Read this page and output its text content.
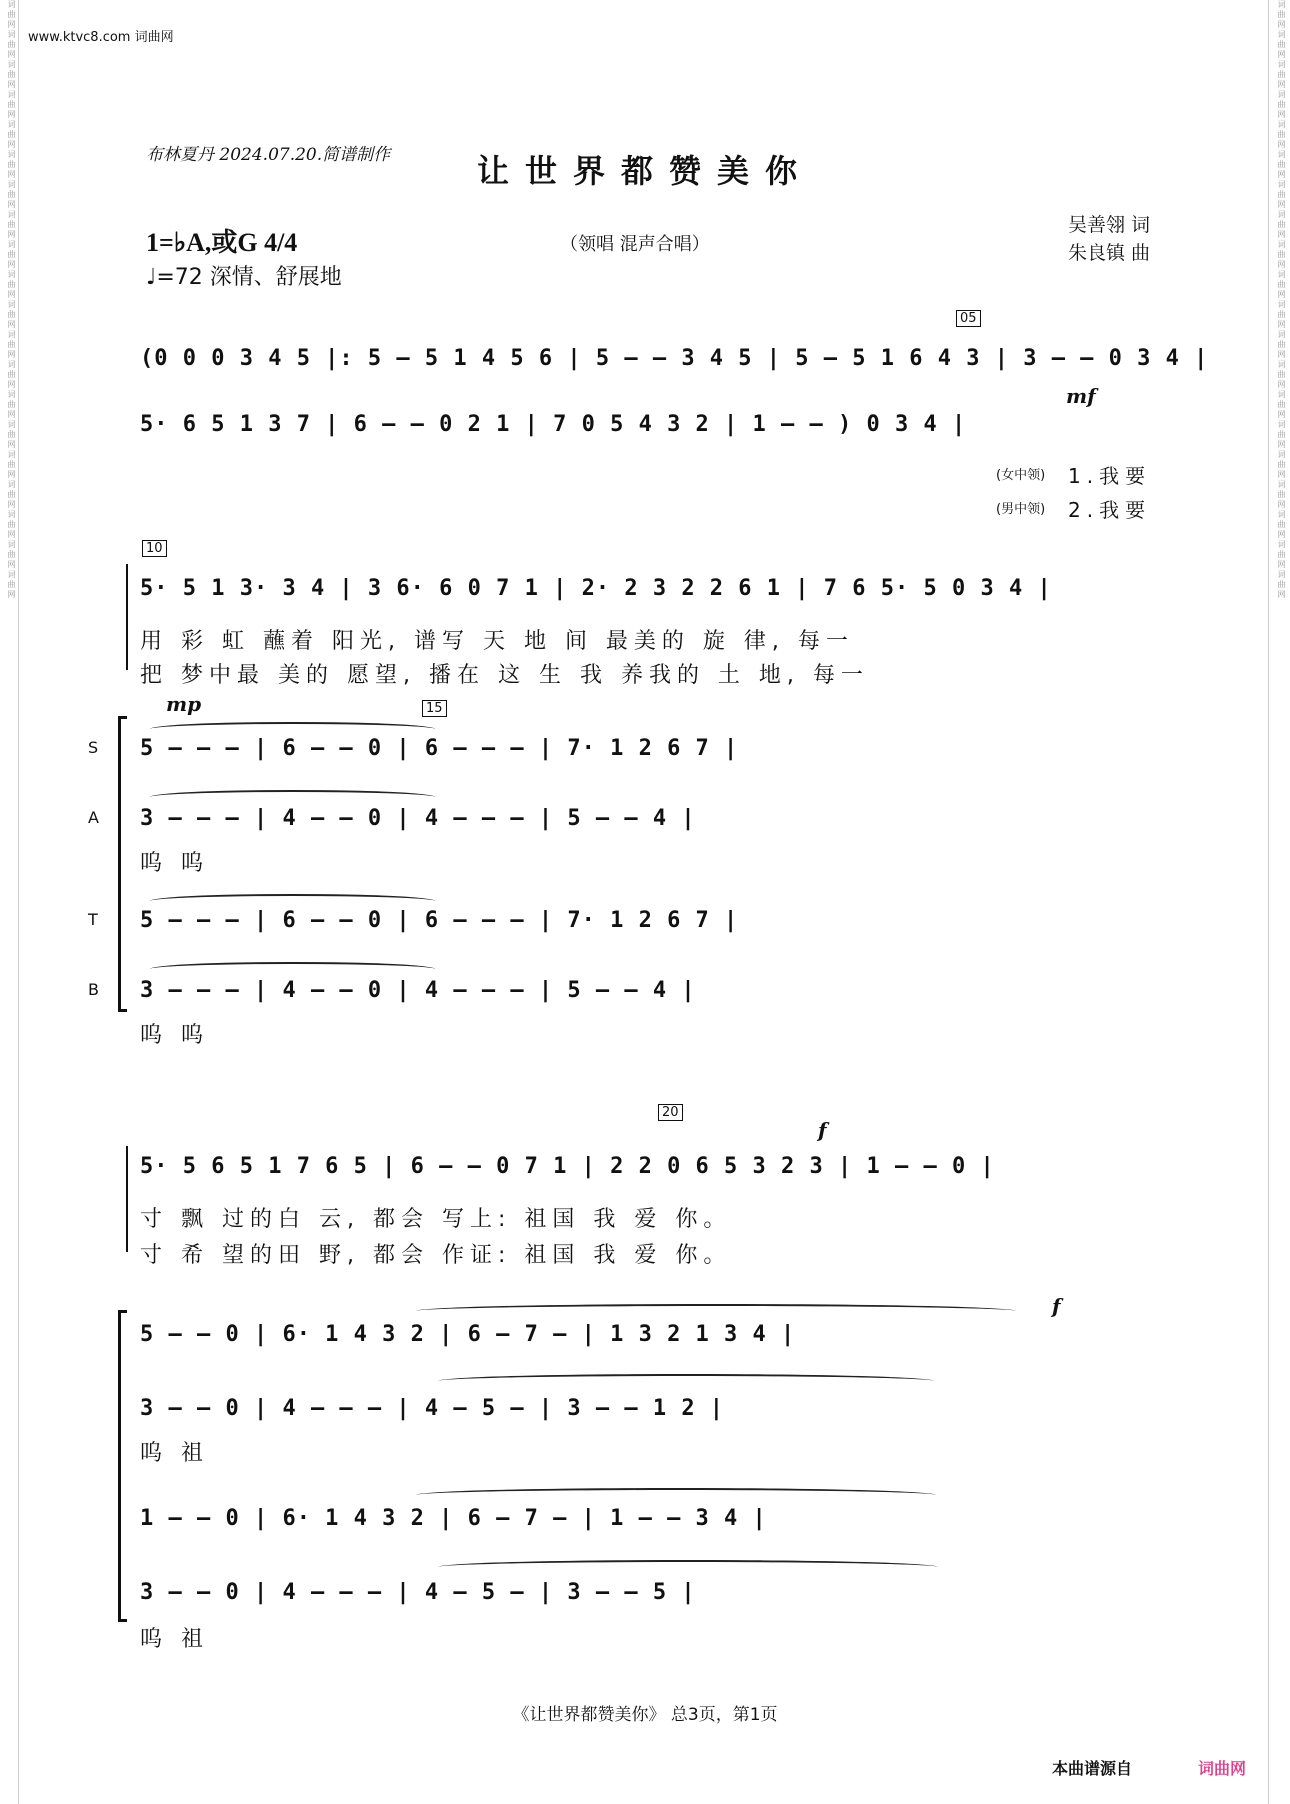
词曲网词曲网词曲网词曲网词曲网词曲网词曲网词曲网词曲网词曲网词曲网词曲网词曲网词曲网词曲网词曲网词曲网词曲网词曲网词曲网	词曲网词曲网词曲网词曲网词曲网词曲网词曲网词曲网词曲网词曲网词曲网词曲网词曲网词曲网词曲网词曲网词曲网词曲网词曲网词曲网
www.ktvc8.com 词曲网
布林夏丹 2024.07.20.简谱制作	让世界都赞美你
1=♭A,或G 4/4
♩=72 深情、舒展地
（领唱 混声合唱）
吴善翎 词
朱良镇 曲
05
(0 0 0 3 4 5 |: 5 – 5 1 4 5 6 | 5 – – 3 4 5 | 5 – 5 1 6 4 3 | 3 – – 0 3 4 |
mf
5· 6 5 1 3 7 | 6 – – 0 2 1 | 7 0 5 4 3 2 | 1 – – ) 0 3 4 |
(女中领) 1.我要
(男中领) 2.我要
10
5· 5 1 3· 3 4 | 3 6· 6 0 7 1 | 2· 2 3 2 2 6 1 | 7 6 5· 5 0 3 4 |
用 彩 虹 蘸着 阳光, 谱写 天 地 间 最美的 旋 律, 每一
把 梦中最 美的 愿望, 播在 这 生 我 养我的 土 地, 每一
mp	15
S 5 – – – | 6 – – 0 | 6 – – – | 7· 1 2 6 7 |
A 3 – – – | 4 – – 0 | 4 – – – | 5 – – 4 |
呜 呜
T 5 – – – | 6 – – 0 | 6 – – – | 7· 1 2 6 7 |
B 3 – – – | 4 – – 0 | 4 – – – | 5 – – 4 |
呜 呜
20
f
5· 5 6 5 1 7 6 5 | 6 – – 0 7 1 | 2 2 0 6 5 3 2 3 | 1 – – 0 |
寸 飘 过的白 云, 都会 写上: 祖国 我 爱 你。
寸 希 望的田 野, 都会 作证: 祖国 我 爱 你。
f
5 – – 0 | 6· 1 4 3 2 | 6 – 7 – | 1 3 2 1 3 4 |
3 – – 0 | 4 – – – | 4 – 5 – | 3 – – 1 2 |
呜 祖
1 – – 0 | 6· 1 4 3 2 | 6 – 7 – | 1 – – 3 4 |
3 – – 0 | 4 – – – | 4 – 5 – | 3 – – 5 |
呜 祖
《让世界都赞美你》 总3页，第1页
本曲谱源自	词曲网
